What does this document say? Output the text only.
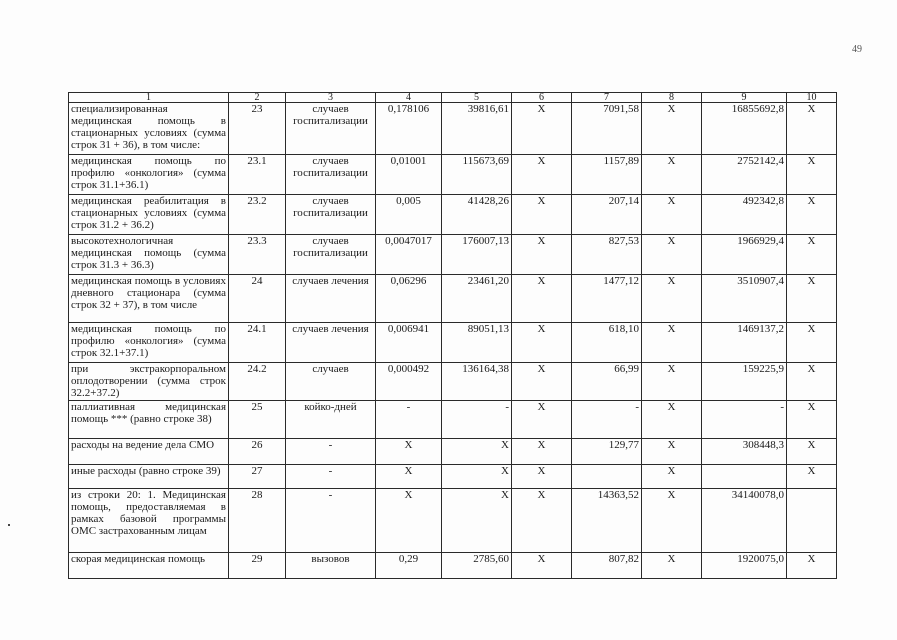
49
1	2	3	4	5	6	7	8	9	10
специализированная медицинская помощь в стационарных условиях (сумма строк 31 + 36), в том числе:	23	случаев госпитализации	0,178106	39816,61	X	7091,58	X	16855692,8	X
медицинская помощь по профилю «онкология» (сумма строк 31.1+36.1)	23.1	случаев госпитализации	0,01001	115673,69	X	1157,89	X	2752142,4	X
медицинская реабилитация в стационарных условиях (сумма строк 31.2 + 36.2)	23.2	случаев госпитализации	0,005	41428,26	X	207,14	X	492342,8	X
высокотехнологичная медицинская помощь (сумма строк 31.3 + 36.3)	23.3	случаев госпитализации	0,0047017	176007,13	X	827,53	X	1966929,4	X
медицинская помощь в условиях дневного стационара (сумма строк 32 + 37), в том числе	24	случаев лечения	0,06296	23461,20	X	1477,12	X	3510907,4	X
медицинская помощь по профилю «онкология» (сумма строк 32.1+37.1)	24.1	случаев лечения	0,006941	89051,13	X	618,10	X	1469137,2	X
при экстракорпоральном оплодотворении (сумма строк 32.2+37.2)	24.2	случаев	0,000492	136164,38	X	66,99	X	159225,9	X
паллиативная медицинская помощь *** (равно строке 38)	25	койко-дней	-	-	X	-	X	-	X
расходы на ведение дела СМО	26	-	X	X	X	129,77	X	308448,3	X
иные расходы (равно строке 39)	27	-	X	X	X		X		X
из строки 20: 1. Медицинская помощь, предоставляемая в рамках базовой программы ОМС застрахованным лицам	28	-	X	X	X	14363,52	X	34140078,0	
скорая медицинская помощь	29	вызовов	0,29	2785,60	X	807,82	X	1920075,0	X
